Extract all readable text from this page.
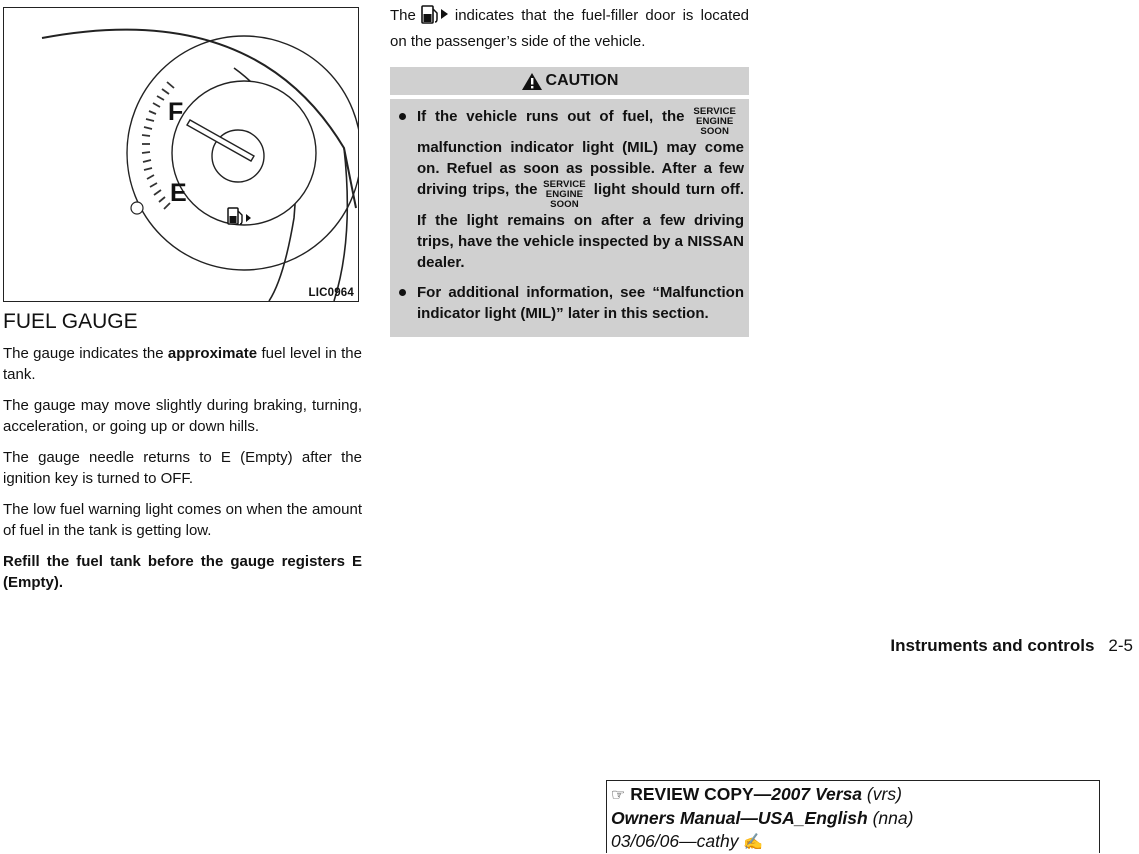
F
E
LIC0964
FUEL GAUGE

The gauge indicates the approximate fuel level in the tank.

The gauge may move slightly during braking, turning, acceleration, or going up or down hills.

The gauge needle returns to E (Empty) after the ignition key is turned to OFF.

The low fuel warning light comes on when the amount of fuel in the tank is getting low.

Refill the fuel tank before the gauge registers E (Empty).

The	indicates that the fuel-filler door is located on the passenger’s side of the vehicle.

CAUTION
If the vehicle runs out of fuel, the SERVICE
ENGINE
SOON
malfunction indicator light (MIL) may come on. Refuel as soon as possible. After a few driving trips, the SERVICE
ENGINE
SOON
light should turn off. If the light remains on after a few driving trips, have the vehicle inspected by a NISSAN dealer.
For additional information, see “Malfunction indicator light (MIL)” later in this section.
Instruments and controls 2-5
☞ REVIEW COPY—2007 Versa (vrs)
Owners Manual—USA_English (nna)
03/06/06—cathy ✍
